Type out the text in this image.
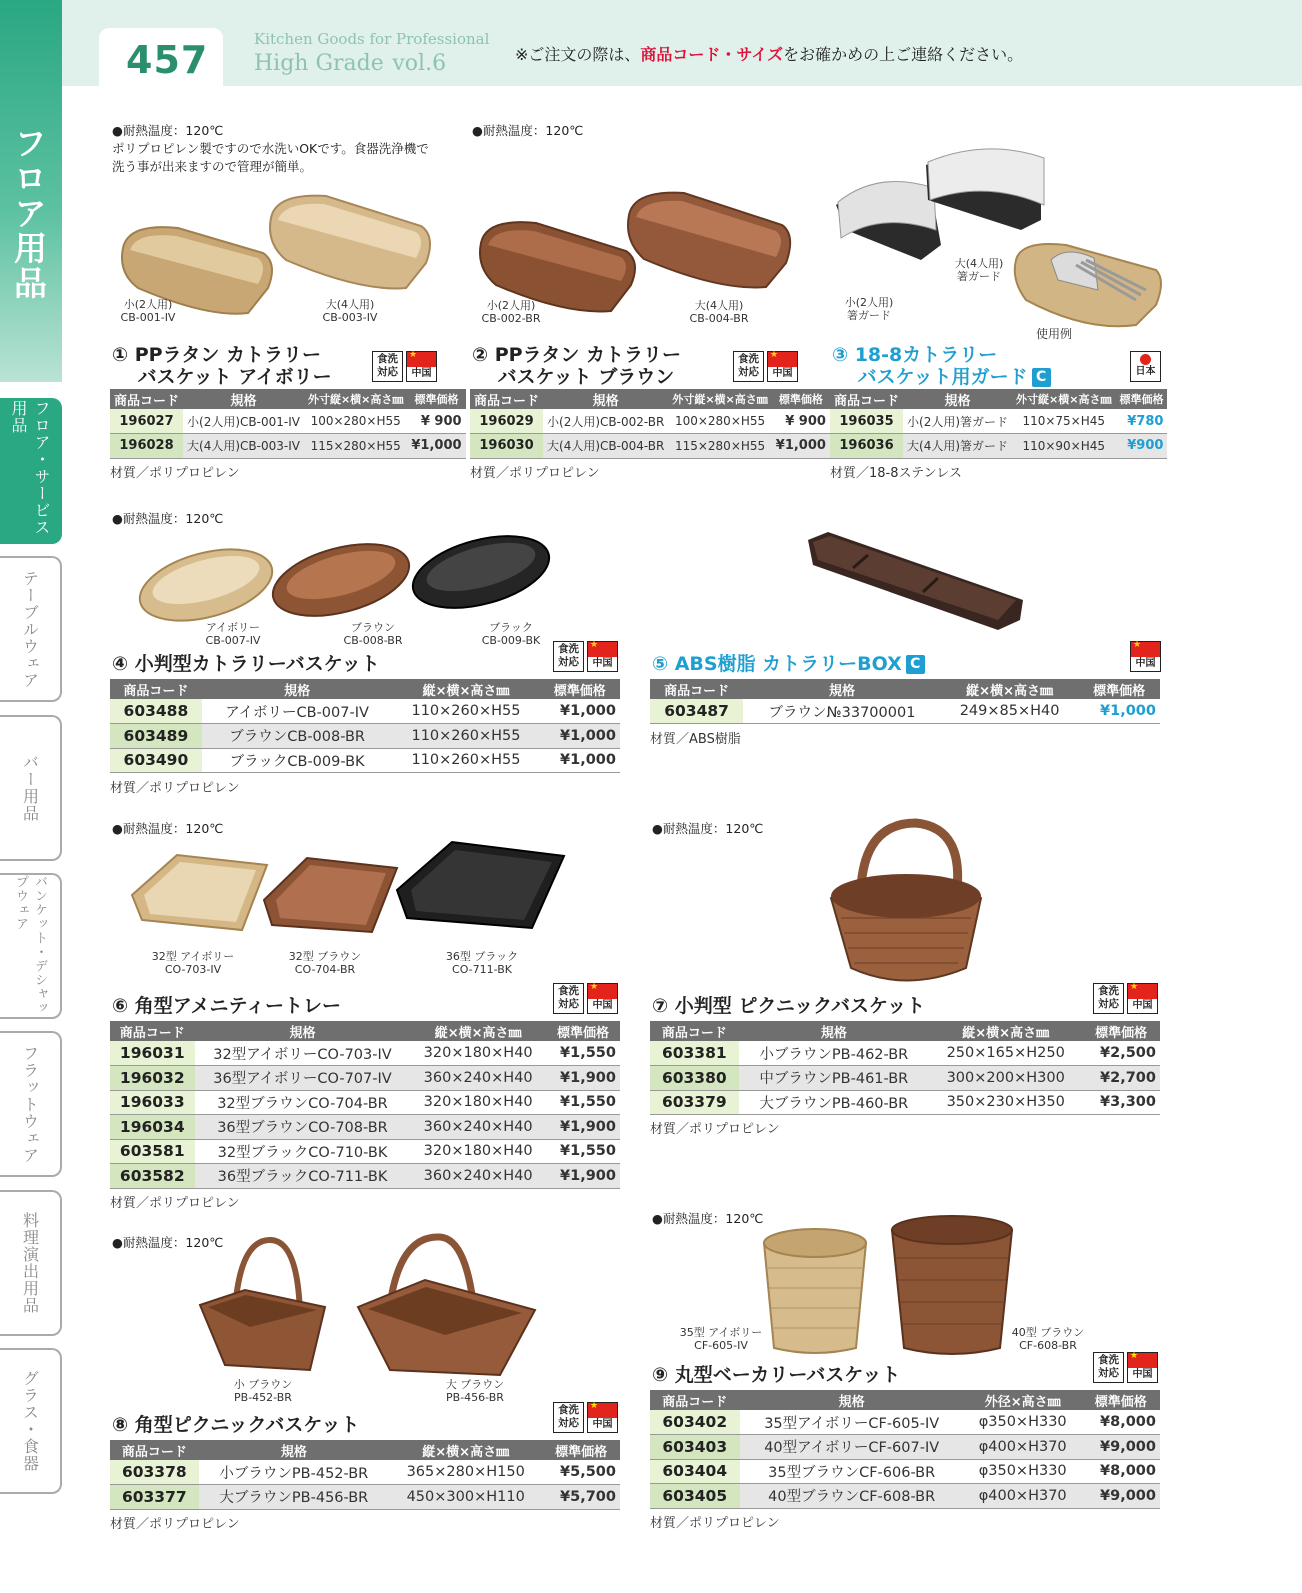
457	Kitchen Goods for Professional
High Grade vol.6	※ご注文の際は、商品コード・サイズをお確かめの上ご連絡ください。
フロア用品
フロア・サービス用品
テーブルウェア
バー用品
バンケット・デシャップウェア
フラットウェア
料理演出用品
グラス・食器
●耐熱温度：120℃
ポリプロピレン製ですので水洗いOKです。食器洗浄機で
洗う事が出来ますので管理が簡単。
小(2人用)
CB-001-IV
大(4人用)
CB-003-IV
① PPラタン カトラリー
　 バスケット アイボリー
食洗
対応
★	中国
商品コード	規格	外寸縦×横×高さ㎜	標準価格
196027	小(2人用)CB-001-IV	100×280×H55	¥ 900
196028	大(4人用)CB-003-IV	115×280×H55	¥1,000
材質／ポリプロピレン
●耐熱温度：120℃
小(2人用)
CB-002-BR
大(4人用)
CB-004-BR
② PPラタン カトラリー
　 バスケット ブラウン
食洗
対応
★	中国
商品コード	規格	外寸縦×横×高さ㎜	標準価格
196029	小(2人用)CB-002-BR	100×280×H55	¥ 900
196030	大(4人用)CB-004-BR	115×280×H55	¥1,000
材質／ポリプロピレン
小(2人用)
箸ガード
大(4人用)
箸ガード
使用例
③ 18-8カトラリー
　 バスケット用ガード C	日本
商品コード	規格	外寸縦×横×高さ㎜	標準価格
196035	小(2人用)箸ガード	110×75×H45	¥780
196036	大(4人用)箸ガード	110×90×H45	¥900
材質／18-8ステンレス
●耐熱温度：120℃
アイボリー
CB-007-IV
ブラウン
CB-008-BR
ブラック
CB-009-BK
④ 小判型カトラリーバスケット
食洗
対応
★	中国
商品コード	規格	縦×横×高さ㎜	標準価格
603488	アイボリーCB-007-IV	110×260×H55	¥1,000
603489	ブラウンCB-008-BR	110×260×H55	¥1,000
603490	ブラックCB-009-BK	110×260×H55	¥1,000
材質／ポリプロピレン
⑤ ABS樹脂 カトラリーBOX C
★	中国
商品コード	規格	縦×横×高さ㎜	標準価格
603487	ブラウン№33700001	249×85×H40	¥1,000
材質／ABS樹脂
●耐熱温度：120℃
32型 アイボリー
CO-703-IV
32型 ブラウン
CO-704-BR
36型 ブラック
CO-711-BK
⑥ 角型アメニティートレー
食洗
対応
★	中国
商品コード	規格	縦×横×高さ㎜	標準価格
196031	32型アイボリーCO-703-IV	320×180×H40	¥1,550
196032	36型アイボリーCO-707-IV	360×240×H40	¥1,900
196033	32型ブラウンCO-704-BR	320×180×H40	¥1,550
196034	36型ブラウンCO-708-BR	360×240×H40	¥1,900
603581	32型ブラックCO-710-BK	320×180×H40	¥1,550
603582	36型ブラックCO-711-BK	360×240×H40	¥1,900
材質／ポリプロピレン
●耐熱温度：120℃
⑦ 小判型 ピクニックバスケット
食洗
対応
★	中国
商品コード	規格	縦×横×高さ㎜	標準価格
603381	小ブラウンPB-462-BR	250×165×H250	¥2,500
603380	中ブラウンPB-461-BR	300×200×H300	¥2,700
603379	大ブラウンPB-460-BR	350×230×H350	¥3,300
材質／ポリプロピレン
●耐熱温度：120℃
小 ブラウン
PB-452-BR
大 ブラウン
PB-456-BR
⑧ 角型ピクニックバスケット
食洗
対応
★	中国
商品コード	規格	縦×横×高さ㎜	標準価格
603378	小ブラウンPB-452-BR	365×280×H150	¥5,500
603377	大ブラウンPB-456-BR	450×300×H110	¥5,700
材質／ポリプロピレン
●耐熱温度：120℃
35型 アイボリー
CF-605-IV
40型 ブラウン
CF-608-BR
⑨ 丸型ベーカリーバスケット
食洗
対応
★	中国
商品コード	規格	外径×高さ㎜	標準価格
603402	35型アイボリーCF-605-IV	φ350×H330	¥8,000
603403	40型アイボリーCF-607-IV	φ400×H370	¥9,000
603404	35型ブラウンCF-606-BR	φ350×H330	¥8,000
603405	40型ブラウンCF-608-BR	φ400×H370	¥9,000
材質／ポリプロピレン
